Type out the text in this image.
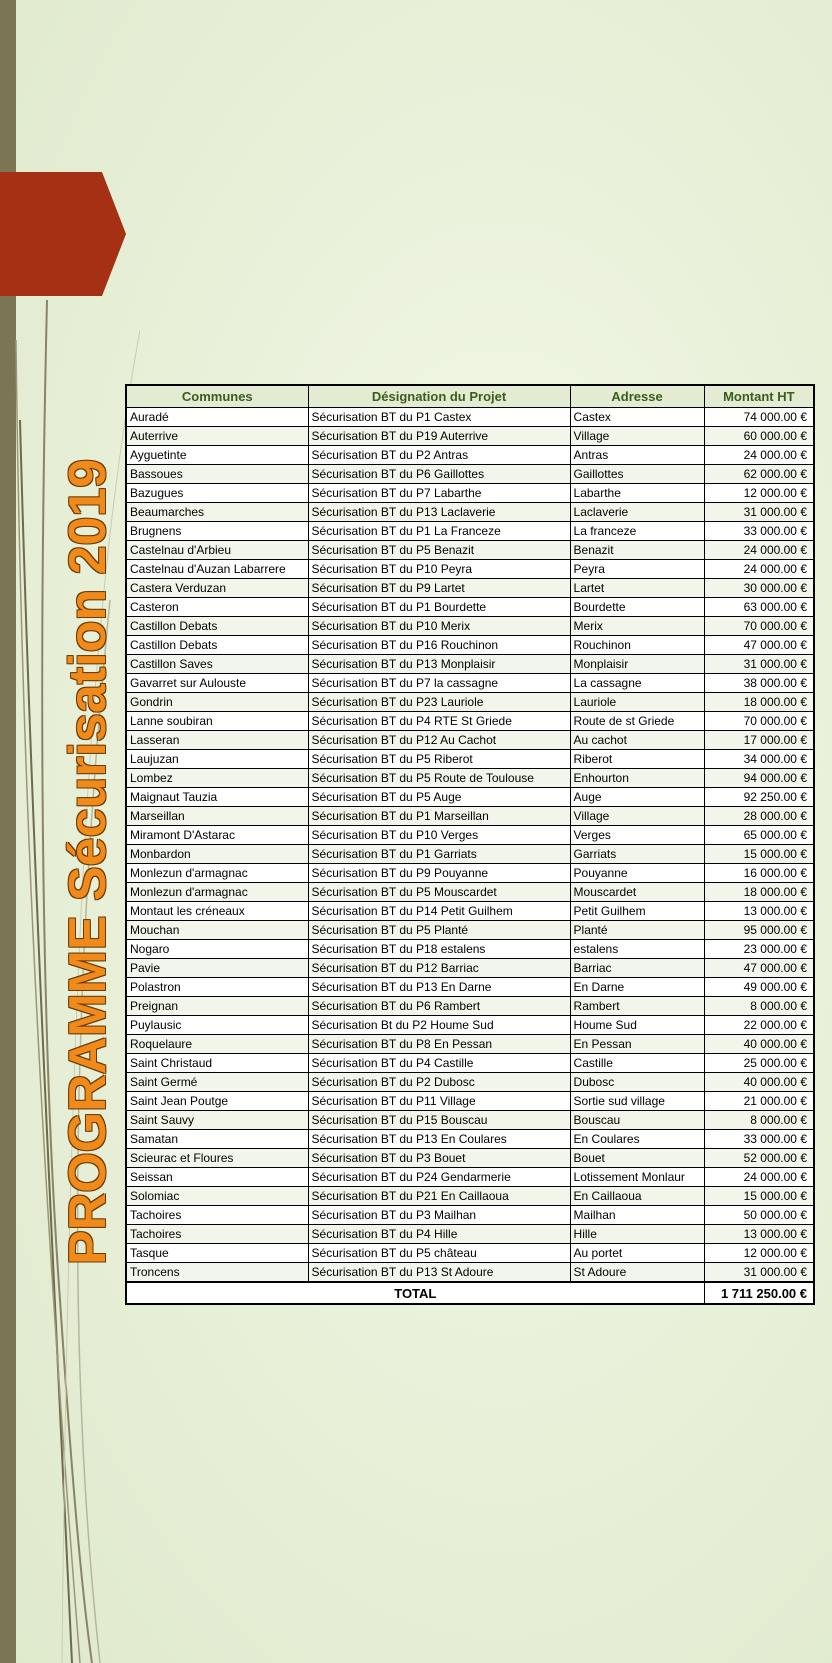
PROGRAMME Sécurisation 2019
Communes	Désignation du Projet	Adresse	Montant HT
Auradé	Sécurisation BT du P1 Castex	Castex	74 000.00 €
Auterrive	Sécurisation BT du P19 Auterrive	Village	60 000.00 €
Ayguetinte	Sécurisation BT du P2 Antras	Antras	24 000.00 €
Bassoues	Sécurisation BT du P6 Gaillottes	Gaillottes	62 000.00 €
Bazugues	Sécurisation BT du P7 Labarthe	Labarthe	12 000.00 €
Beaumarches	Sécurisation BT du P13 Laclaverie	Laclaverie	31 000.00 €
Brugnens	Sécurisation BT du P1 La Franceze	La franceze	33 000.00 €
Castelnau d'Arbieu	Sécurisation BT du P5 Benazit	Benazit	24 000.00 €
Castelnau d'Auzan Labarrere	Sécurisation BT du P10 Peyra	Peyra	24 000.00 €
Castera Verduzan	Sécurisation BT du P9 Lartet	Lartet	30 000.00 €
Casteron	Sécurisation BT du P1 Bourdette	Bourdette	63 000.00 €
Castillon Debats	Sécurisation BT du P10 Merix	Merix	70 000.00 €
Castillon Debats	Sécurisation BT du P16 Rouchinon	Rouchinon	47 000.00 €
Castillon Saves	Sécurisation BT du P13 Monplaisir	Monplaisir	31 000.00 €
Gavarret sur Aulouste	Sécurisation BT du P7 la cassagne	La cassagne	38 000.00 €
Gondrin	Sécurisation BT du P23 Lauriole	Lauriole	18 000.00 €
Lanne soubiran	Sécurisation BT du P4 RTE St Griede	Route de st Griede	70 000.00 €
Lasseran	Sécurisation BT du P12 Au Cachot	Au cachot	17 000.00 €
Laujuzan	Sécurisation BT du P5 Riberot	Riberot	34 000.00 €
Lombez	Sécurisation BT du P5 Route de Toulouse	Enhourton	94 000.00 €
Maignaut Tauzia	Sécurisation BT du P5 Auge	Auge	92 250.00 €
Marseillan	Sécurisation BT du P1 Marseillan	Village	28 000.00 €
Miramont D'Astarac	Sécurisation BT du P10 Verges	Verges	65 000.00 €
Monbardon	Sécurisation BT du P1 Garriats	Garriats	15 000.00 €
Monlezun d'armagnac	Sécurisation BT du P9 Pouyanne	Pouyanne	16 000.00 €
Monlezun d'armagnac	Sécurisation BT du P5 Mouscardet	Mouscardet	18 000.00 €
Montaut les créneaux	Sécurisation BT du P14 Petit Guilhem	Petit Guilhem	13 000.00 €
Mouchan	Sécurisation BT du P5 Planté	Planté	95 000.00 €
Nogaro	Sécurisation BT du P18 estalens	estalens	23 000.00 €
Pavie	Sécurisation BT du P12 Barriac	Barriac	47 000.00 €
Polastron	Sécurisation BT du P13 En Darne	En Darne	49 000.00 €
Preignan	Sécurisation BT du P6 Rambert	Rambert	8 000.00 €
Puylausic	Sécurisation Bt du P2 Houme Sud	Houme Sud	22 000.00 €
Roquelaure	Sécurisation BT du P8 En Pessan	En Pessan	40 000.00 €
Saint Christaud	Sécurisation BT du P4 Castille	Castille	25 000.00 €
Saint Germé	Sécurisation BT du P2 Dubosc	Dubosc	40 000.00 €
Saint Jean Poutge	Sécurisation BT du P11 Village	Sortie sud village	21 000.00 €
Saint Sauvy	Sécurisation BT du P15 Bouscau	Bouscau	8 000.00 €
Samatan	Sécurisation BT du P13 En Coulares	En Coulares	33 000.00 €
Scieurac et Floures	Sécurisation BT du P3 Bouet	Bouet	52 000.00 €
Seissan	Sécurisation BT du P24 Gendarmerie	Lotissement Monlaur	24 000.00 €
Solomiac	Sécurisation BT du P21 En Caillaoua	En Caillaoua	15 000.00 €
Tachoires	Sécurisation BT du P3 Mailhan	Mailhan	50 000.00 €
Tachoires	Sécurisation BT du P4 Hille	Hille	13 000.00 €
Tasque	Sécurisation BT du P5 château	Au portet	12 000.00 €
Troncens	Sécurisation BT du P13 St Adoure	St Adoure	31 000.00 €
TOTAL			1 711 250.00 €
